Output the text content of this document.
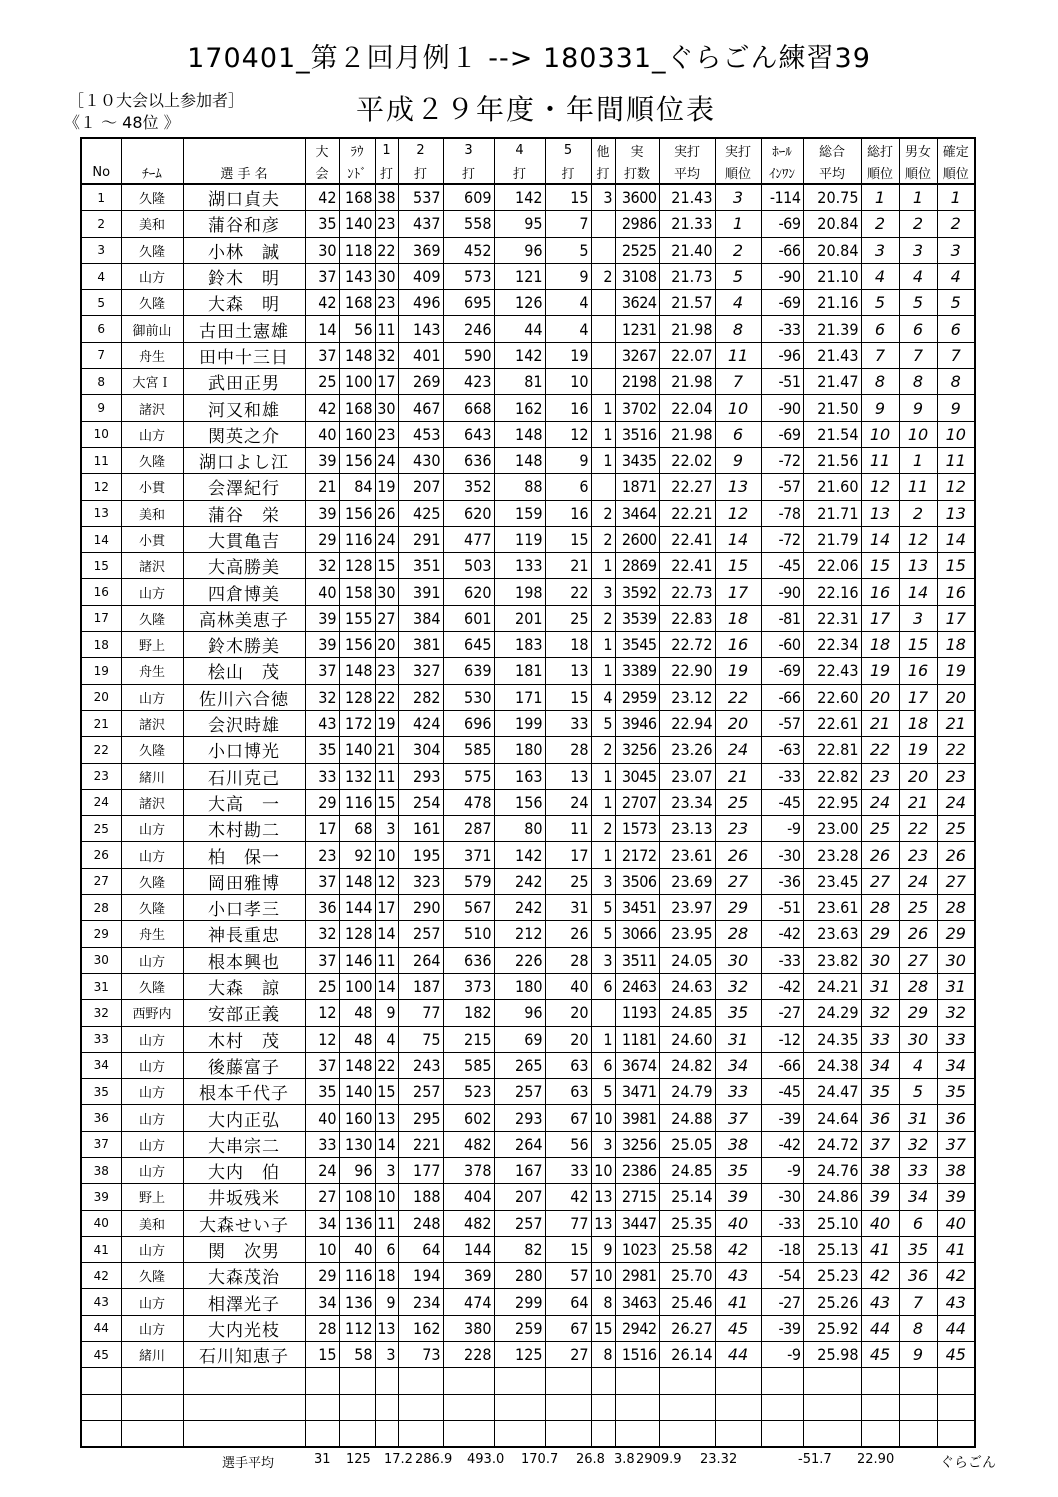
170401_第２回月例１ --> 180331_ぐらごん練習39
［１０大会以上参加者］
《１ ～ 48位 》	平成２９年度・年間順位表
			大	ﾗｳ	1	2	3	4	5	他	実	実打	実打	ﾎｰﾙ	総合	総打	男女	確定
No	ﾁｰﾑ	選 手 名	会	ﾝﾄﾞ	打	打	打	打	打	打	打数	平均	順位	ｲﾝﾜﾝ	平均	順位	順位	順位
1	久隆	湖口貞夫	42	168	38	537	609	142	15	3	3600	21.43	3	-114	20.75	1	1	1
2	美和	蒲谷和彦	35	140	23	437	558	95	7		2986	21.33	1	-69	20.84	2	2	2
3	久隆	小林　誠	30	118	22	369	452	96	5		2525	21.40	2	-66	20.84	3	3	3
4	山方	鈴木　明	37	143	30	409	573	121	9	2	3108	21.73	5	-90	21.10	4	4	4
5	久隆	大森　明	42	168	23	496	695	126	4		3624	21.57	4	-69	21.16	5	5	5
6	御前山	古田土憲雄	14	56	11	143	246	44	4		1231	21.98	8	-33	21.39	6	6	6
7	舟生	田中十三日	37	148	32	401	590	142	19		3267	22.07	11	-96	21.43	7	7	7
8	大宮Ｉ	武田正男	25	100	17	269	423	81	10		2198	21.98	7	-51	21.47	8	8	8
9	諸沢	河又和雄	42	168	30	467	668	162	16	1	3702	22.04	10	-90	21.50	9	9	9
10	山方	関英之介	40	160	23	453	643	148	12	1	3516	21.98	6	-69	21.54	10	10	10
11	久隆	湖口よし江	39	156	24	430	636	148	9	1	3435	22.02	9	-72	21.56	11	1	11
12	小貫	会澤紀行	21	84	19	207	352	88	6		1871	22.27	13	-57	21.60	12	11	12
13	美和	蒲谷　栄	39	156	26	425	620	159	16	2	3464	22.21	12	-78	21.71	13	2	13
14	小貫	大貫亀吉	29	116	24	291	477	119	15	2	2600	22.41	14	-72	21.79	14	12	14
15	諸沢	大高勝美	32	128	15	351	503	133	21	1	2869	22.41	15	-45	22.06	15	13	15
16	山方	四倉博美	40	158	30	391	620	198	22	3	3592	22.73	17	-90	22.16	16	14	16
17	久隆	高林美恵子	39	155	27	384	601	201	25	2	3539	22.83	18	-81	22.31	17	3	17
18	野上	鈴木勝美	39	156	20	381	645	183	18	1	3545	22.72	16	-60	22.34	18	15	18
19	舟生	桧山　茂	37	148	23	327	639	181	13	1	3389	22.90	19	-69	22.43	19	16	19
20	山方	佐川六合徳	32	128	22	282	530	171	15	4	2959	23.12	22	-66	22.60	20	17	20
21	諸沢	会沢時雄	43	172	19	424	696	199	33	5	3946	22.94	20	-57	22.61	21	18	21
22	久隆	小口博光	35	140	21	304	585	180	28	2	3256	23.26	24	-63	22.81	22	19	22
23	緒川	石川克己	33	132	11	293	575	163	13	1	3045	23.07	21	-33	22.82	23	20	23
24	諸沢	大高　一	29	116	15	254	478	156	24	1	2707	23.34	25	-45	22.95	24	21	24
25	山方	木村勘二	17	68	3	161	287	80	11	2	1573	23.13	23	-9	23.00	25	22	25
26	山方	柏　保一	23	92	10	195	371	142	17	1	2172	23.61	26	-30	23.28	26	23	26
27	久隆	岡田雅博	37	148	12	323	579	242	25	3	3506	23.69	27	-36	23.45	27	24	27
28	久隆	小口孝三	36	144	17	290	567	242	31	5	3451	23.97	29	-51	23.61	28	25	28
29	舟生	神長重忠	32	128	14	257	510	212	26	5	3066	23.95	28	-42	23.63	29	26	29
30	山方	根本興也	37	146	11	264	636	226	28	3	3511	24.05	30	-33	23.82	30	27	30
31	久隆	大森　諒	25	100	14	187	373	180	40	6	2463	24.63	32	-42	24.21	31	28	31
32	西野内	安部正義	12	48	9	77	182	96	20		1193	24.85	35	-27	24.29	32	29	32
33	山方	木村　茂	12	48	4	75	215	69	20	1	1181	24.60	31	-12	24.35	33	30	33
34	山方	後藤富子	37	148	22	243	585	265	63	6	3674	24.82	34	-66	24.38	34	4	34
35	山方	根本千代子	35	140	15	257	523	257	63	5	3471	24.79	33	-45	24.47	35	5	35
36	山方	大内正弘	40	160	13	295	602	293	67	10	3981	24.88	37	-39	24.64	36	31	36
37	山方	大串宗二	33	130	14	221	482	264	56	3	3256	25.05	38	-42	24.72	37	32	37
38	山方	大内　伯	24	96	3	177	378	167	33	10	2386	24.85	35	-9	24.76	38	33	38
39	野上	井坂残米	27	108	10	188	404	207	42	13	2715	25.14	39	-30	24.86	39	34	39
40	美和	大森せい子	34	136	11	248	482	257	77	13	3447	25.35	40	-33	25.10	40	6	40
41	山方	関　次男	10	40	6	64	144	82	15	9	1023	25.58	42	-18	25.13	41	35	41
42	久隆	大森茂治	29	116	18	194	369	280	57	10	2981	25.70	43	-54	25.23	42	36	42
43	山方	相澤光子	34	136	9	234	474	299	64	8	3463	25.46	41	-27	25.26	43	7	43
44	山方	大内光枝	28	112	13	162	380	259	67	15	2942	26.27	45	-39	25.92	44	8	44
45	緒川	石川知恵子	15	58	3	73	228	125	27	8	1516	26.14	44	-9	25.98	45	9	45

選手平均	31 125 17.2 286.9 493.0 170.7 26.8 3.8 2909.9 23.32	-51.7 22.90	ぐらごん
